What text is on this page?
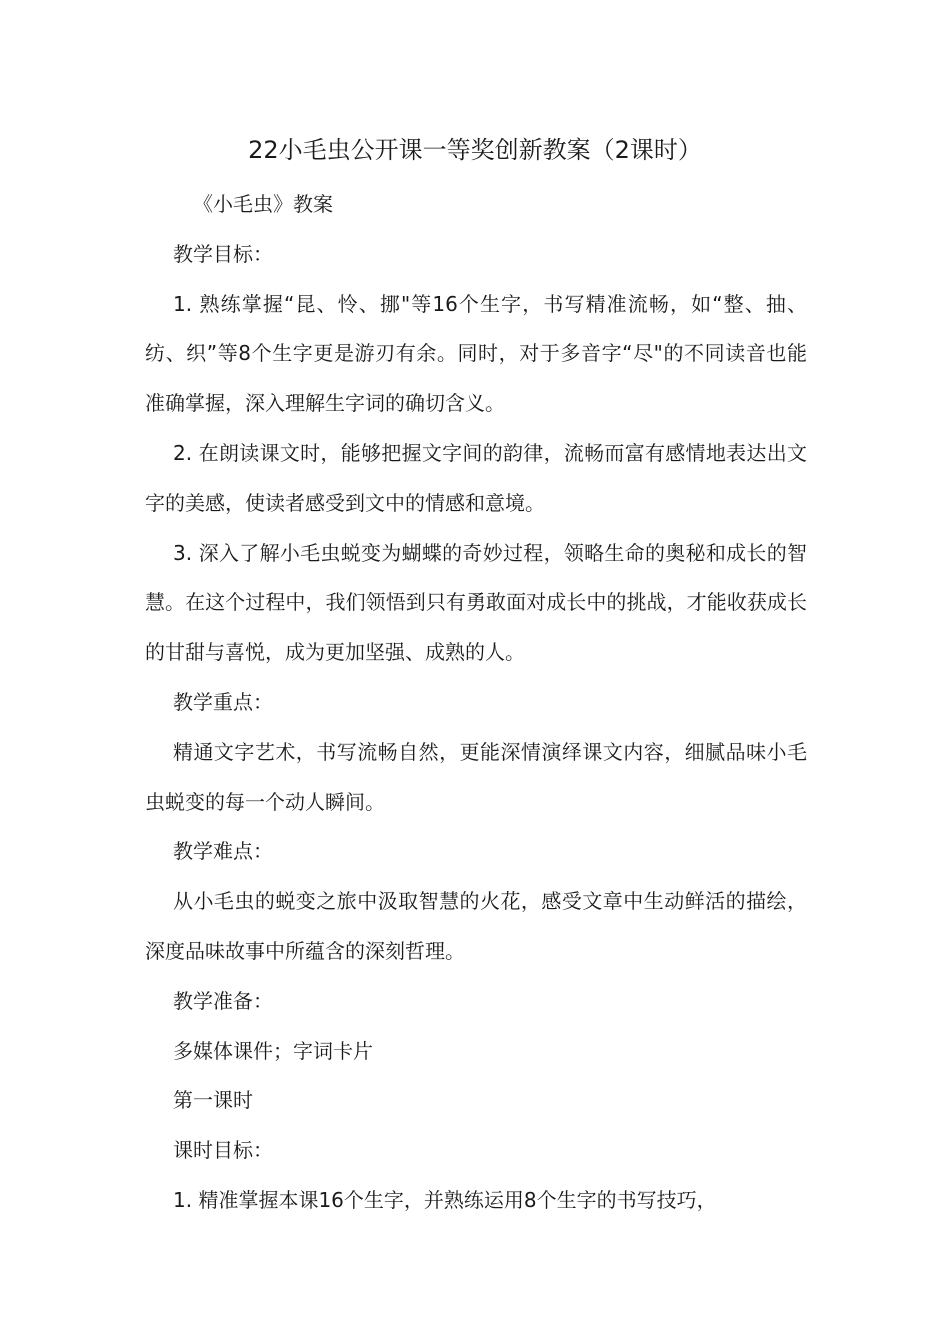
22小毛虫公开课一等奖创新教案（2课时）

《小毛虫》教案

教学目标：

1. 熟练掌握“昆、怜、挪"等16个生字，书写精准流畅，如“整、抽、纺、织”等8个生字更是游刃有余。同时，对于多音字“尽"的不同读音也能准确掌握，深入理解生字词的确切含义。

2. 在朗读课文时，能够把握文字间的韵律，流畅而富有感情地表达出文字的美感，使读者感受到文中的情感和意境。

3. 深入了解小毛虫蜕变为蝴蝶的奇妙过程，领略生命的奥秘和成长的智慧。在这个过程中，我们领悟到只有勇敢面对成长中的挑战，才能收获成长的甘甜与喜悦，成为更加坚强、成熟的人。

教学重点：

精通文字艺术，书写流畅自然，更能深情演绎课文内容，细腻品味小毛虫蜕变的每一个动人瞬间。

教学难点：

从小毛虫的蜕变之旅中汲取智慧的火花，感受文章中生动鲜活的描绘，深度品味故事中所蕴含的深刻哲理。

教学准备：

多媒体课件；字词卡片

第一课时

课时目标：

1. 精准掌握本课16个生字，并熟练运用8个生字的书写技巧，
